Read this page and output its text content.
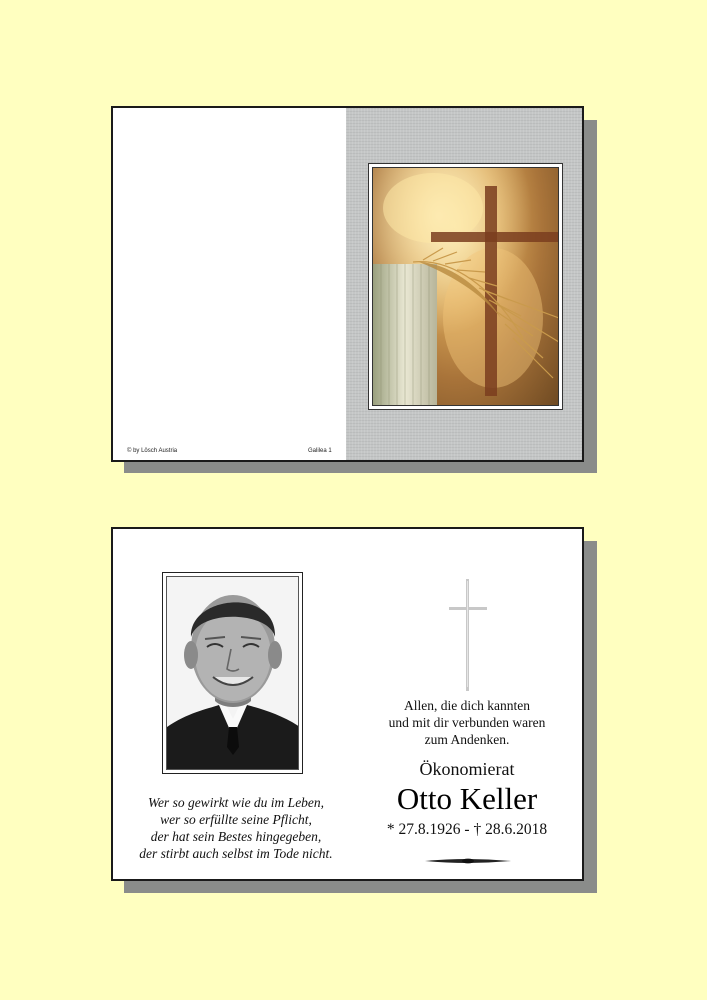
© by Lösch Austria	Galilea 1
Wer so gewirkt wie du im Leben,
wer so erfüllte seine Pflicht,
der hat sein Bestes hingegeben,
der stirbt auch selbst im Tode nicht.
Allen, die dich kannten
und mit dir verbunden waren
zum Andenken.
Ökonomierat
Otto Keller
* 27.8.1926 - † 28.6.2018
